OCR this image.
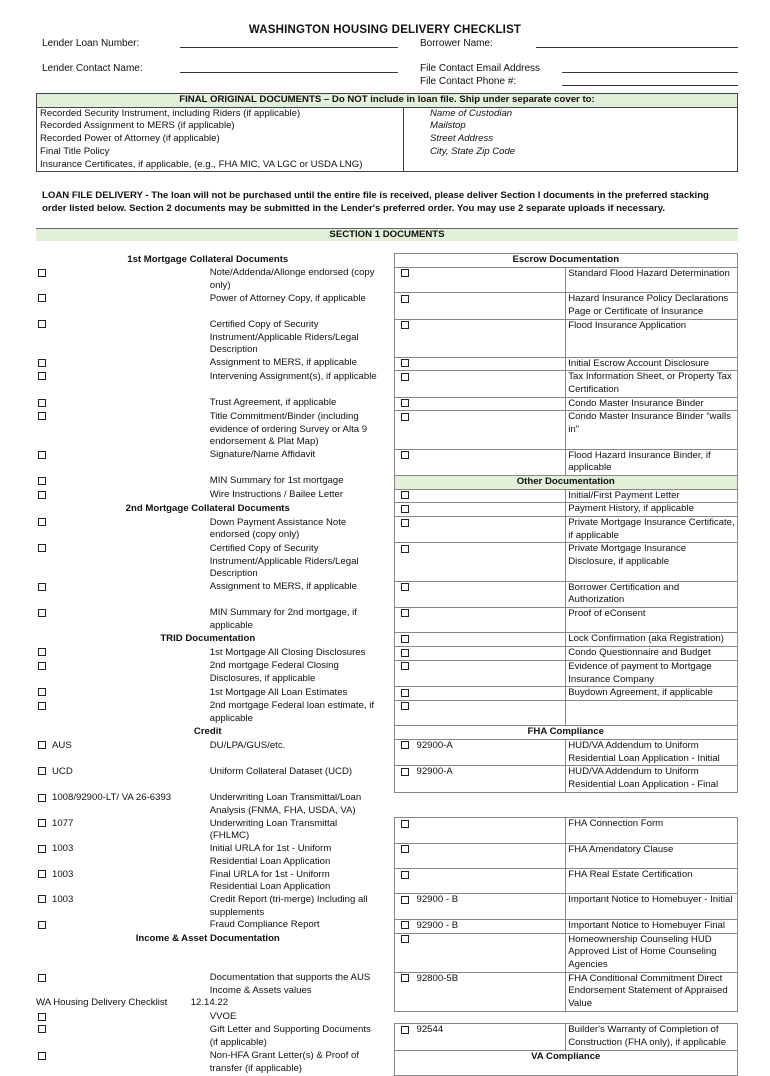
WASHINGTON HOUSING DELIVERY CHECKLIST
Lender Loan Number:	Borrower Name:
Lender Contact Name:	File Contact Email Address
File Contact Phone #:
FINAL ORIGINAL DOCUMENTS – Do NOT include in loan file. Ship under separate cover to:	
Recorded Security Instrument, including Riders (if applicable)	Name of Custodian
Recorded Assignment to MERS (if applicable)	Mailstop
Recorded Power of Attorney (if applicable)	Street Address
Final Title Policy	City, State Zip Code
Insurance Certificates, if applicable, (e.g., FHA MIC, VA LGC or USDA LNG)	
LOAN FILE DELIVERY - The loan will not be purchased until the entire file is received, please deliver Section I documents in the preferred stacking order listed below. Section 2 documents may be submitted in the Lender's preferred order. You may use 2 separate uploads if necessary.
SECTION 1 DOCUMENTS
1st Mortgage Collateral Documents			Escrow Documentation	
	Note/Addenda/Allonge endorsed (copy only)			Standard Flood Hazard Determination
	Power of Attorney Copy, if applicable			Hazard Insurance Policy Declarations Page or Certificate of Insurance
	Certified Copy of Security Instrument/Applicable Riders/Legal Description			Flood Insurance Application
	Assignment to MERS, if applicable			Initial Escrow Account Disclosure
	Intervening Assignment(s), if applicable			Tax Information Sheet, or Property Tax Certification
	Trust Agreement, if applicable			Condo Master Insurance Binder
	Title Commitment/Binder (including evidence of ordering Survey or Alta 9 endorsement & Plat Map)			Condo Master Insurance Binder “walls in”
	Signature/Name Affidavit			Flood Hazard Insurance Binder, if applicable
	MIN Summary for 1st mortgage		Other Documentation	
	Wire Instructions / Bailee Letter			Initial/First Payment Letter
2nd Mortgage Collateral Documents				Payment History, if applicable
	Down Payment Assistance Note endorsed (copy only)			Private Mortgage Insurance Certificate, if applicable
	Certified Copy of Security Instrument/Applicable Riders/Legal Description			Private Mortgage Insurance Disclosure, if applicable
	Assignment to MERS, if applicable			Borrower Certification and Authorization
	MIN Summary for 2nd mortgage, if applicable			Proof of eConsent
TRID Documentation				Lock Confirmation (aka Registration)
	1st Mortgage All Closing Disclosures			Condo Questionnaire and Budget
	2nd mortgage Federal Closing Disclosures, if applicable			Evidence of payment to Mortgage Insurance Company
	1st Mortgage All Loan Estimates			Buydown Agreement, if applicable
	2nd mortgage Federal loan estimate, if applicable			
Credit			FHA Compliance	
AUS	DU/LPA/GUS/etc.		92900-A	HUD/VA Addendum to Uniform Residential Loan Application - Initial
UCD	Uniform Collateral Dataset (UCD)		92900-A	HUD/VA Addendum to Uniform Residential Loan Application - Final
1008/92900-LT/ VA 26-6393	Underwriting Loan Transmittal/Loan Analysis (FNMA, FHA, USDA, VA)			
1077	Underwriting Loan Transmittal (FHLMC)			FHA Connection Form
1003	Initial URLA for 1st - Uniform Residential Loan Application			FHA Amendatory Clause
1003	Final URLA for 1st - Uniform Residential Loan Application			FHA Real Estate Certification
1003	Credit Report (tri-merge) Including all supplements		92900 - B	Important Notice to Homebuyer - Initial
	Fraud Compliance Report		92900 - B	Important Notice to Homebuyer Final
Income & Asset Documentation				Homeownership Counseling HUD Approved List of Home Counseling Agencies
	Documentation that supports the AUS Income & Assets values		92800-5B	FHA Conditional Commitment Direct Endorsement Statement of Appraised Value
	VVOE			
	Gift Letter and Supporting Documents (if applicable)		92544	Builder's Warranty of Completion of Construction (FHA only), if applicable
	Non-HFA Grant Letter(s) & Proof of transfer (if applicable)		VA Compliance	
WA Housing Delivery Checklist 12.14.22
